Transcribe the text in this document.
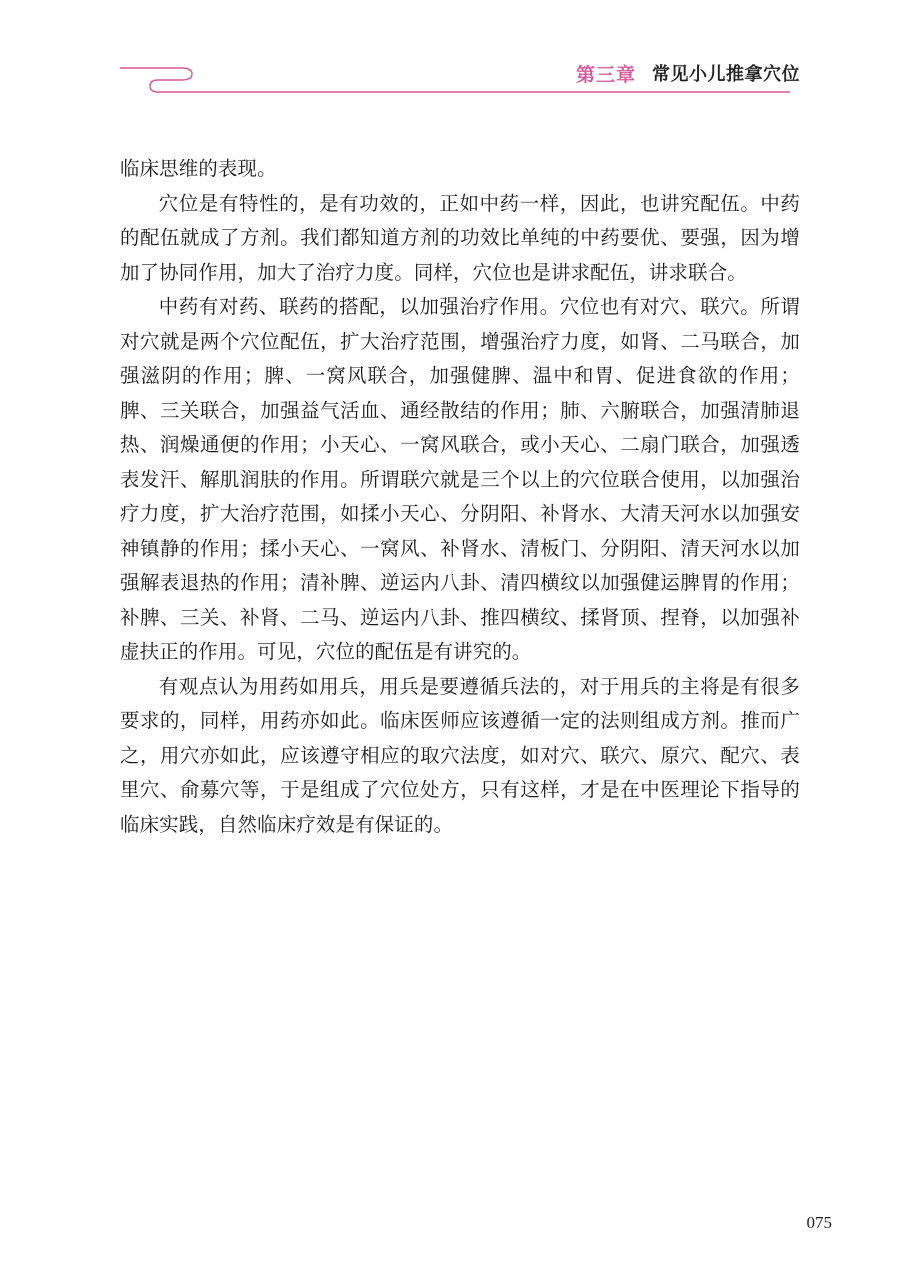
第三章 常见小儿推拿穴位

临床思维的表现。

穴位是有特性的，是有功效的，正如中药一样，因此，也讲究配伍。中药的配伍就成了方剂。我们都知道方剂的功效比单纯的中药要优、要强，因为增加了协同作用，加大了治疗力度。同样，穴位也是讲求配伍，讲求联合。

中药有对药、联药的搭配，以加强治疗作用。穴位也有对穴、联穴。所谓对穴就是两个穴位配伍，扩大治疗范围，增强治疗力度，如肾、二马联合，加强滋阴的作用；脾、一窝风联合，加强健脾、温中和胃、促进食欲的作用；脾、三关联合，加强益气活血、通经散结的作用；肺、六腑联合，加强清肺退热、润燥通便的作用；小天心、一窝风联合，或小天心、二扇门联合，加强透表发汗、解肌润肤的作用。所谓联穴就是三个以上的穴位联合使用，以加强治疗力度，扩大治疗范围，如揉小天心、分阴阳、补肾水、大清天河水以加强安神镇静的作用；揉小天心、一窝风、补肾水、清板门、分阴阳、清天河水以加强解表退热的作用；清补脾、逆运内八卦、清四横纹以加强健运脾胃的作用；补脾、三关、补肾、二马、逆运内八卦、推四横纹、揉肾顶、捏脊，以加强补虚扶正的作用。可见，穴位的配伍是有讲究的。

有观点认为用药如用兵，用兵是要遵循兵法的，对于用兵的主将是有很多要求的，同样，用药亦如此。临床医师应该遵循一定的法则组成方剂。推而广之，用穴亦如此，应该遵守相应的取穴法度，如对穴、联穴、原穴、配穴、表里穴、俞募穴等，于是组成了穴位处方，只有这样，才是在中医理论下指导的临床实践，自然临床疗效是有保证的。

075
